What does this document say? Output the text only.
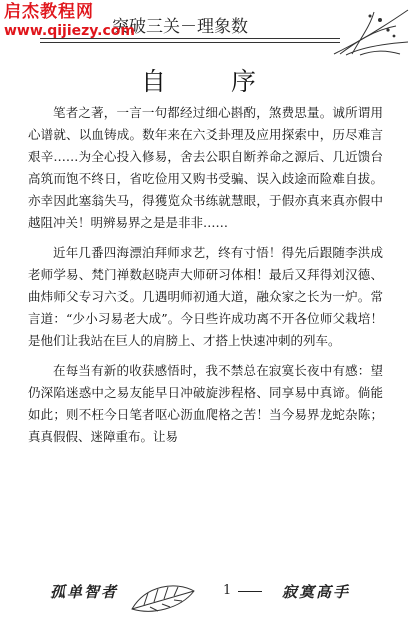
启杰教程网
www.qijiezy.com
突破三关－理象数
自　序

笔者之著，一言一句都经过细心斟酌，煞费思量。诚所谓用心谱就、以血铸成。数年来在六爻卦理及应用探索中，历尽难言艰辛……为全心投入修易，舍去公职自断养命之源后、几近馈台高筑而饱不终日，省吃俭用又购书受骗、误入歧途而险难自拔。亦幸因此塞翁失马，得獲览众书练就慧眼，于假亦真来真亦假中越阻冲关！明辨易界之是是非非……

近年几番四海漂泊拜师求艺，终有寸悟！得先后跟随李洪成老师学易、梵门禅数赵晓声大师研习体相！最后又拜得刘汉德、曲炜师父专习六爻。几遇明师初通大道，融众家之长为一炉。常言道：“少小习易老大成”。今日些许成功离不开各位师父栽培！是他们让我站在巨人的肩膀上、才搭上快速冲刺的列车。

在每当有新的收获感悟时，我不禁总在寂寞长夜中有感：望仍深陷迷惑中之易友能早日冲破旋涉程格、同享易中真谛。倘能如此；则不枉今日笔者呕心沥血爬格之苦！当今易界龙蛇杂陈；真真假假、迷障重布。让易

孤单智者	1	寂寞高手
